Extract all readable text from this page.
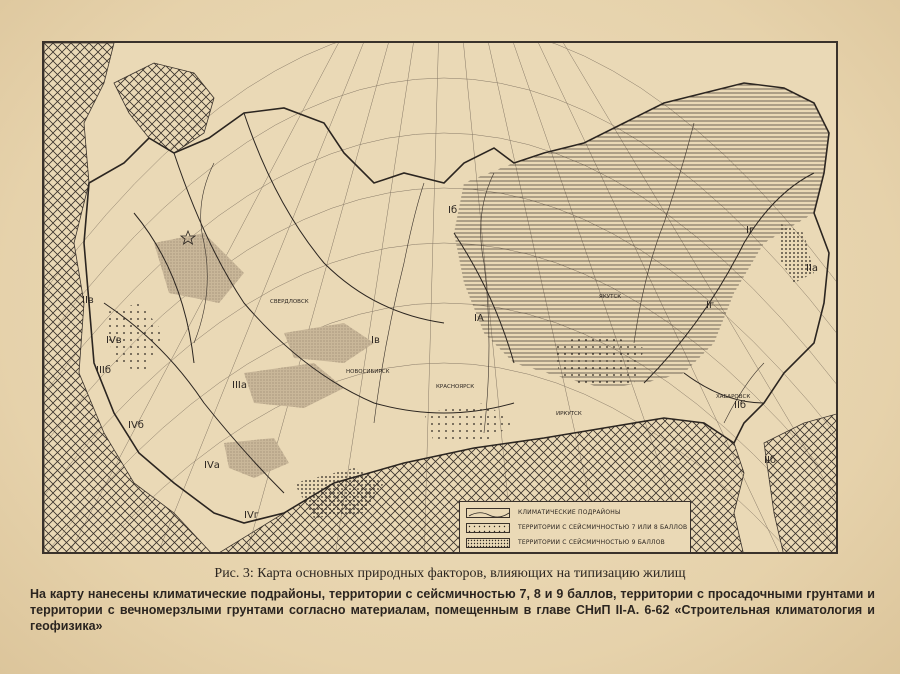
Iб
IА
Iв
Iг
Iг
IIа
IIб
IIв
IIIа
IIIб
IVа
IVб
IVв
IVг
IIб
КРАСНОЯРСК
ЯКУТСК
ХАБАРОВСК
НОВОСИБИРСК
СВЕРДЛОВСК
ИРКУТСК
КЛИМАТИЧЕСКИЕ ПОДРАЙОНЫ
ТЕРРИТОРИИ С СЕЙСМИЧНОСТЬЮ 7 ИЛИ 8 БАЛЛОВ
ТЕРРИТОРИИ С СЕЙСМИЧНОСТЬЮ 9 БАЛЛОВ
Рис. 3: Карта основных природных факторов, влияющих на типизацию жилищ
На карту нанесены климатические подрайоны, территории с сейсмичностью 7, 8 и 9 баллов, территории с просадочными грунтами и территории с вечномерзлыми грунтами согласно материалам, помещенным в главе СНиП II-А. 6-62 «Строительная климатология и геофизика»
